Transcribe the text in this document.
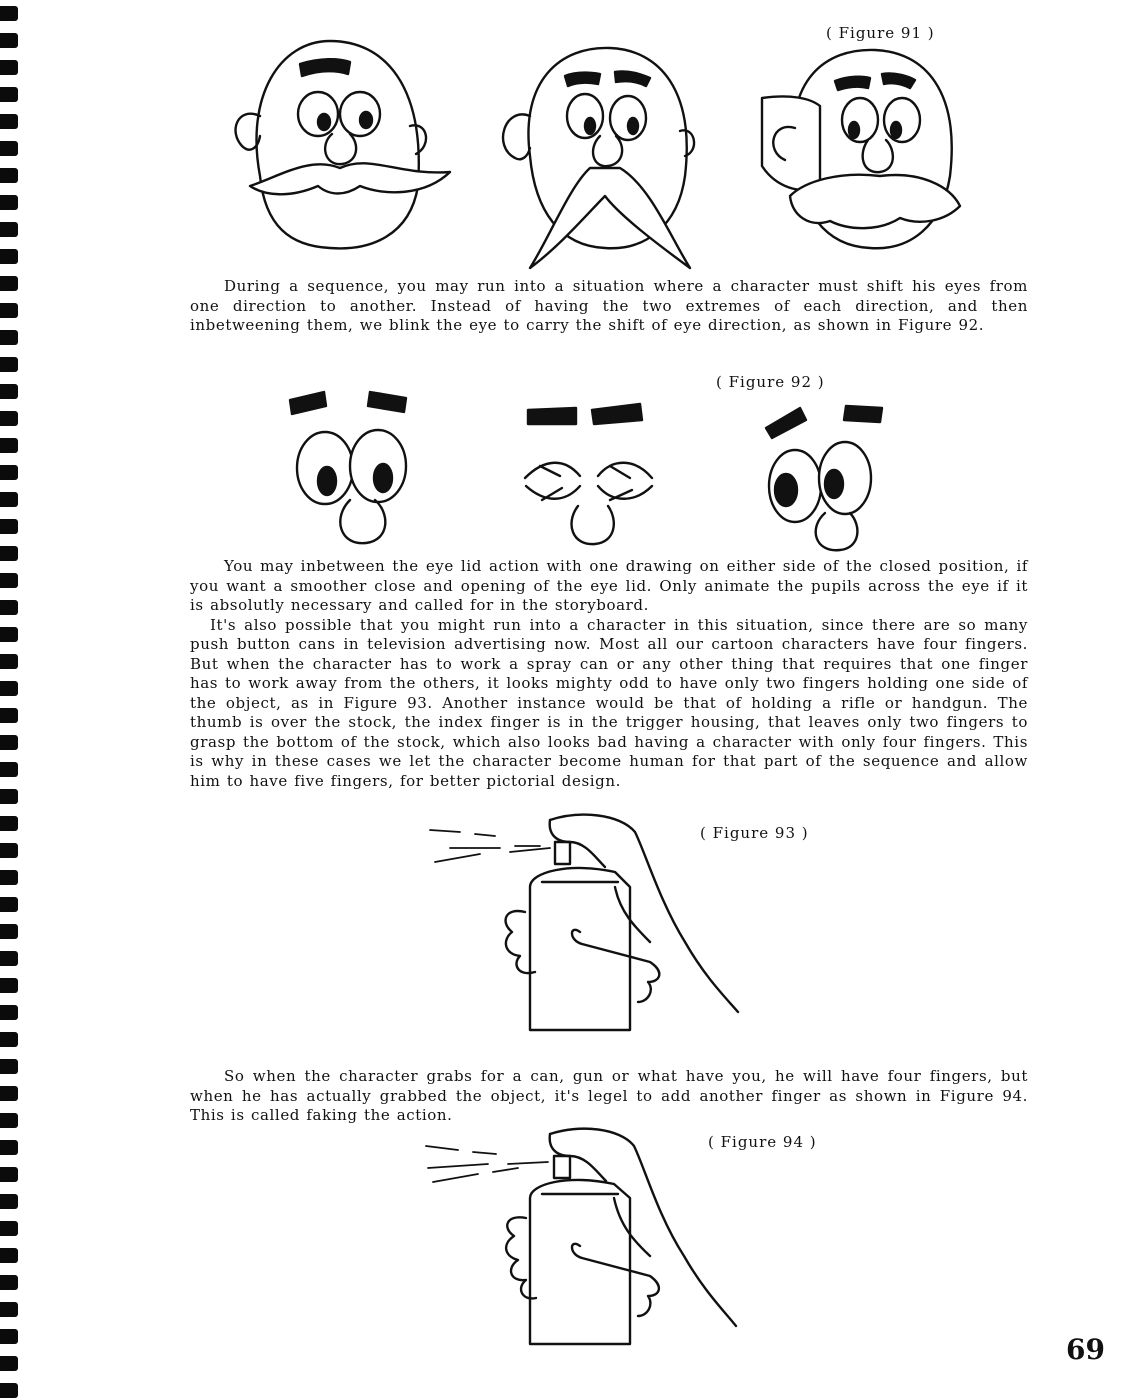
( Figure 91 )

During a sequence, you may run into a situation where a character must shift his eyes from one direction to another. Instead of having the two extremes of each direction, and then inbetweening them, we blink the eye to carry the shift of eye direction, as shown in Figure 92.

( Figure 92 )

You may inbetween the eye lid action with one drawing on either side of the closed position, if you want a smoother close and opening of the eye lid. Only animate the pupils across the eye if it is absolutly necessary and called for in the storyboard.

It's also possible that you might run into a character in this situation, since there are so many push button cans in television advertising now. Most all our cartoon characters have four fingers. But when the character has to work a spray can or any other thing that requires that one finger has to work away from the others, it looks mighty odd to have only two fingers holding one side of the object, as in Figure 93. Another instance would be that of holding a rifle or handgun. The thumb is over the stock, the index finger is in the trigger housing, that leaves only two fingers to grasp the bottom of the stock, which also looks bad having a character with only four fingers. This is why in these cases we let the character become human for that part of the sequence and allow him to have five fingers, for better pictorial design.

( Figure 93 )

So when the character grabs for a can, gun or what have you, he will have four fingers, but when he has actually grabbed the object, it's legel to add another finger as shown in Figure 94. This is called faking the action.

( Figure 94 )
69
